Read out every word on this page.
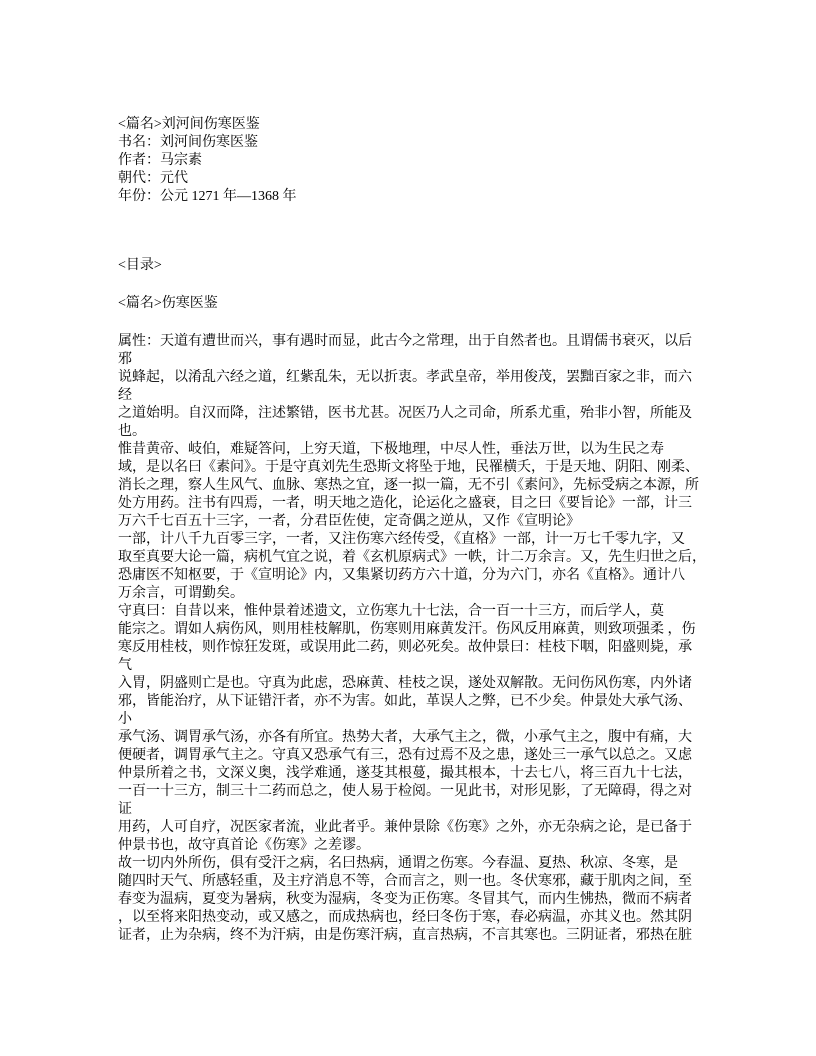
<篇名>刘河间伤寒医鉴
书名：刘河间伤寒医鉴
作者：马宗素
朝代：元代
年份：公元 1271 年—1368 年
<目录>
<篇名>伤寒医鉴
属性：天道有遭世而兴，事有遇时而显，此古今之常理，出于自然者也。且谓儒书衰灭，以后
邪
说蜂起，以淆乱六经之道，红紫乱朱，无以折衷。孝武皇帝，举用俊茂，罢黜百家之非，而六
经
之道始明。自汉而降，注述繁错，医书尤甚。况医乃人之司命，所系尤重，殆非小智，所能及
也。
惟昔黄帝、岐伯，难疑答问，上穷天道，下极地理，中尽人性，垂法万世，以为生民之寿
域，是以名曰《素问》。于是守真刘先生恐斯文将坠于地，民罹横夭，于是天地、阴阳、刚柔、
消长之理，察人生风气、血脉、寒热之宜，逐一拟一篇，无不引《素问》，先标受病之本源，所
处方用药。注书有四焉，一者，明天地之造化，论运化之盛衰，目之曰《要旨论》一部，计三
万六千七百五十三字，一者，分君臣佐使，定奇偶之逆从，又作《宣明论》
一部，计八千九百零三字，一者，又注伤寒六经传受，《直格》一部，计一万七千零九字，又
取至真要大论一篇，病机气宜之说，着《玄机原病式》一帙，计二万余言。又，先生归世之后，
恐庸医不知枢要，于《宣明论》内，又集紧切药方六十道，分为六门，亦名《直格》。通计八
万余言，可谓勤矣。
守真曰：自昔以来，惟仲景着述遗文，立伤寒九十七法，合一百一十三方，而后学人，莫
能宗之。谓如人病伤风，则用桂枝解肌，伤寒则用麻黄发汗。伤风反用麻黄，则致项强柔 ，伤
寒反用桂枝，则作惊狂发斑，或误用此二药，则必死矣。故仲景曰：桂枝下咽，阳盛则毙，承
气
入胃，阴盛则亡是也。守真为此虑，恐麻黄、桂枝之误，遂处双解散。无问伤风伤寒，内外诸
邪，皆能治疗，从下证错汗者，亦不为害。如此，革误人之弊，已不少矣。仲景处大承气汤、
小
承气汤、调胃承气汤，亦各有所宜。热势大者，大承气主之，微，小承气主之，腹中有痛，大
便硬者，调胃承气主之。守真又恐承气有三，恐有过焉不及之患，遂处三一承气以总之。又虑
仲景所着之书，文深义奥，浅学难通，遂芟其根蔓，撮其根本，十去七八，将三百九十七法，
一百一十三方，制三十二药而总之，使人易于检阅。一见此书，对形见影，了无障碍，得之对
证
用药，人可自疗，况医家者流，业此者乎。兼仲景除《伤寒》之外，亦无杂病之论，是已备于
仲景书也，故守真首论《伤寒》之差谬。
故一切内外所伤，俱有受汗之病，名曰热病，通谓之伤寒。今春温、夏热、秋凉、冬寒，是
随四时天气、所感轻重，及主疗消息不等，合而言之，则一也。冬伏寒邪，藏于肌肉之间，至
春变为温病，夏变为暑病，秋变为湿病，冬变为正伤寒。冬冒其气，而内生怫热，微而不病者
，以至将来阳热变动，或又感之，而成热病也，经曰冬伤于寒，春必病温，亦其义也。然其阴
证者，止为杂病，终不为汗病，由是伤寒汗病，直言热病，不言其寒也。三阴证者，邪热在脏
